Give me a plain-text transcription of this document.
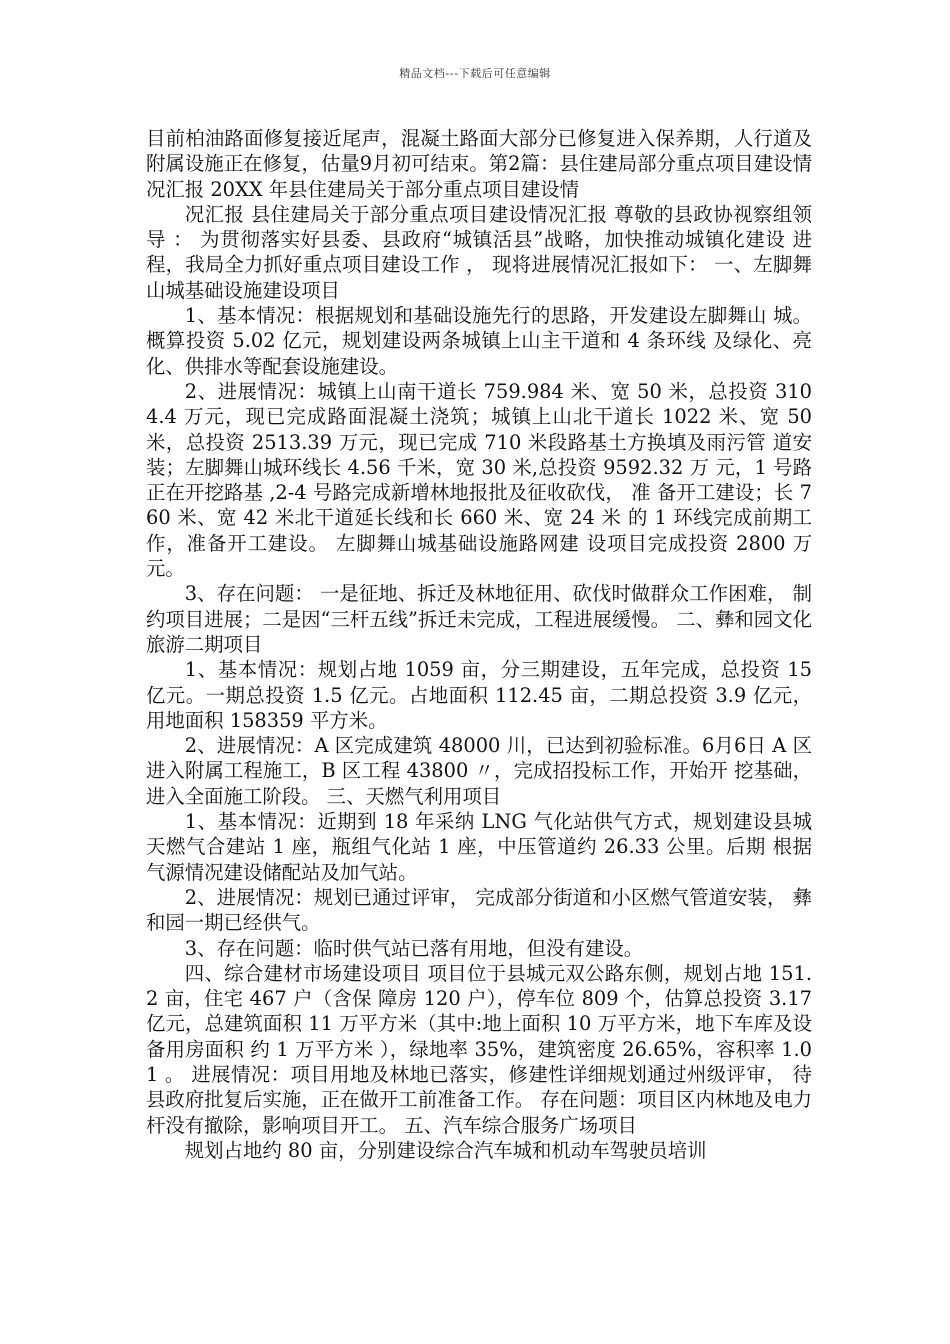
精品文档---下载后可任意编辑

目前柏油路面修复接近尾声，混凝土路面大部分已修复进入保养期，人行道及附属设施正在修复，估量9月初可结束。第2篇：县住建局部分重点项目建设情况汇报 20XX 年县住建局关于部分重点项目建设情

况汇报 县住建局关于部分重点项目建设情况汇报 尊敬的县政协视察组领导 ： 为贯彻落实好县委、县政府“城镇活县”战略，加快推动城镇化建设 进程，我局全力抓好重点项目建设工作 ， 现将进展情况汇报如下： 一、左脚舞山城基础设施建设项目

1、基本情况：根据规划和基础设施先行的思路，开发建设左脚舞山 城。概算投资 5.02 亿元，规划建设两条城镇上山主干道和 4 条环线 及绿化、亮化、供排水等配套设施建设。

2、进展情况：城镇上山南干道长 759.984 米、宽 50 米，总投资 3104.4 万元，现已完成路面混凝土浇筑；城镇上山北干道长 1022 米、宽 50 米，总投资 2513.39 万元，现已完成 710 米段路基土方换填及雨污管 道安装；左脚舞山城环线长 4.56 千米，宽 30 米,总投资 9592.32 万 元，1 号路正在开挖路基 ,2-4 号路完成新增林地报批及征收砍伐， 准 备开工建设；长 760 米、宽 42 米北干道延长线和长 660 米、宽 24 米 的 1 环线完成前期工作，准备开工建设。 左脚舞山城基础设施路网建 设项目完成投资 2800 万元。

3、存在问题： 一是征地、拆迁及林地征用、砍伐时做群众工作困难， 制约项目进展；二是因“三杆五线”拆迁未完成，工程进展缓慢。 二、彝和园文化旅游二期项目

1、基本情况：规划占地 1059 亩，分三期建设，五年完成，总投资 15 亿元。一期总投资 1.5 亿元。占地面积 112.45 亩，二期总投资 3.9 亿元，用地面积 158359 平方米。

2、进展情况：A 区完成建筑 48000 川，已达到初验标准。6月6日 A 区进入附属工程施工，B 区工程 43800 〃，完成招投标工作，开始开 挖基础，进入全面施工阶段。 三、天燃气利用项目

1、基本情况：近期到 18 年采纳 LNG 气化站供气方式，规划建设县城 天燃气合建站 1 座，瓶组气化站 1 座，中压管道约 26.33 公里。后期 根据气源情况建设储配站及加气站。

2、进展情况：规划已通过评审， 完成部分街道和小区燃气管道安装， 彝和园一期已经供气。

3、存在问题：临时供气站已落有用地，但没有建设。

四、综合建材市场建设项目 项目位于县城元双公路东侧，规划占地 151.2 亩，住宅 467 户（含保 障房 120 户），停车位 809 个，估算总投资 3.17 亿元，总建筑面积 11 万平方米（其中:地上面积 10 万平方米，地下车库及设备用房面积 约 1 万平方米 ），绿地率 35%，建筑密度 26.65%，容积率 1.01 。 进展情况：项目用地及林地已落实，修建性详细规划通过州级评审， 待县政府批复后实施，正在做开工前准备工作。 存在问题：项目区内林地及电力杆没有撤除，影响项目开工。 五、汽车综合服务广场项目

规划占地约 80 亩，分别建设综合汽车城和机动车驾驶员培训
